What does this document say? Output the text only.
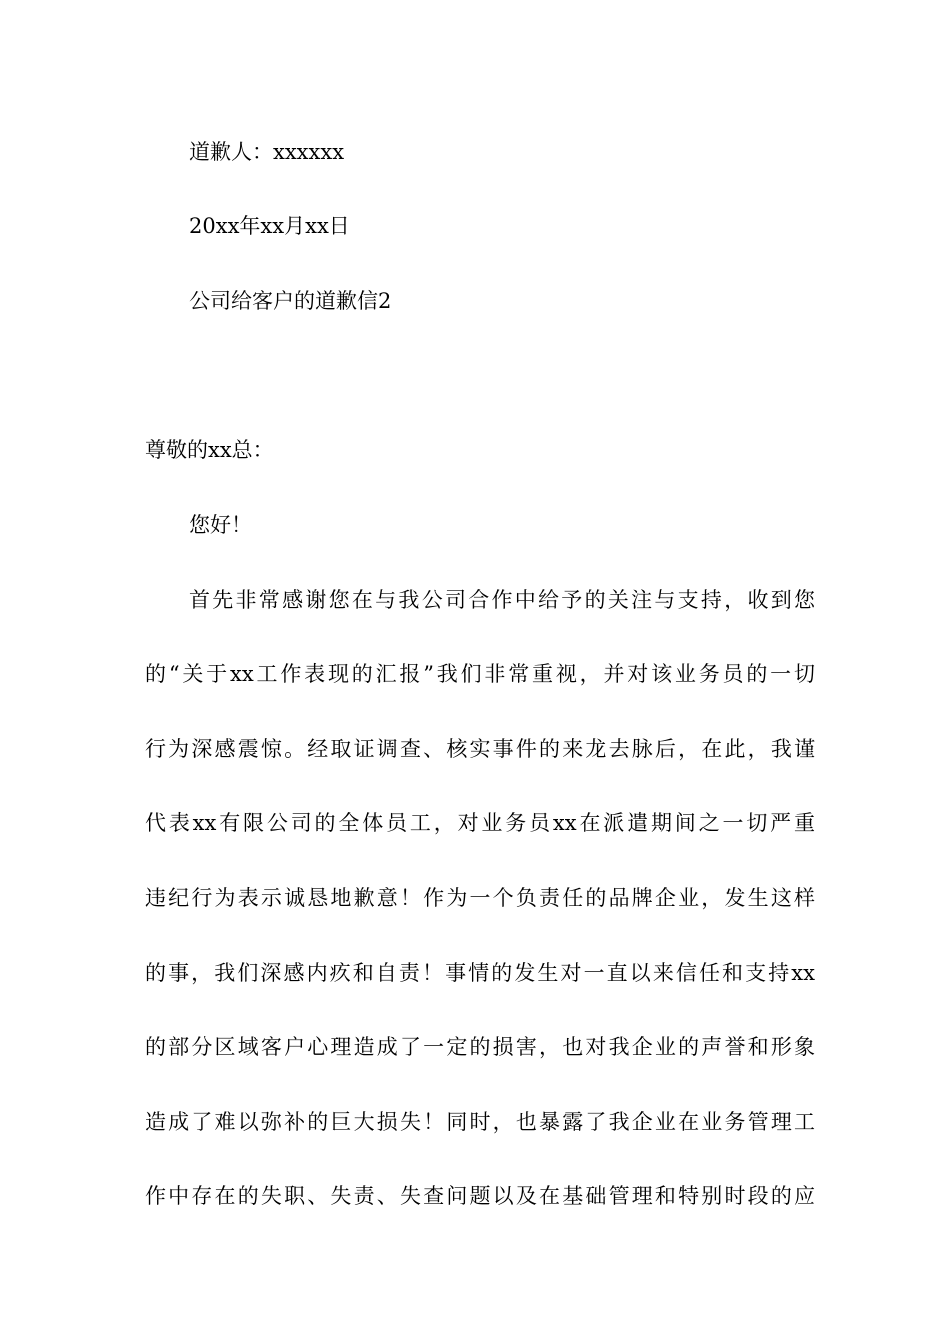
道歉人：xxxxxx
20xx年xx月xx日
公司给客户的道歉信2
尊敬的xx总：
您好！
首先非常感谢您在与我公司合作中给予的关注与支持，收到您
的“关于xx工作表现的汇报”我们非常重视，并对该业务员的一切
行为深感震惊。经取证调查、核实事件的来龙去脉后，在此，我谨
代表xx有限公司的全体员工，对业务员xx在派遣期间之一切严重
违纪行为表示诚恳地歉意！作为一个负责任的品牌企业，发生这样
的事，我们深感内疚和自责！事情的发生对一直以来信任和支持xx
的部分区域客户心理造成了一定的损害，也对我企业的声誉和形象
造成了难以弥补的巨大损失！同时，也暴露了我企业在业务管理工
作中存在的失职、失责、失查问题以及在基础管理和特别时段的应
